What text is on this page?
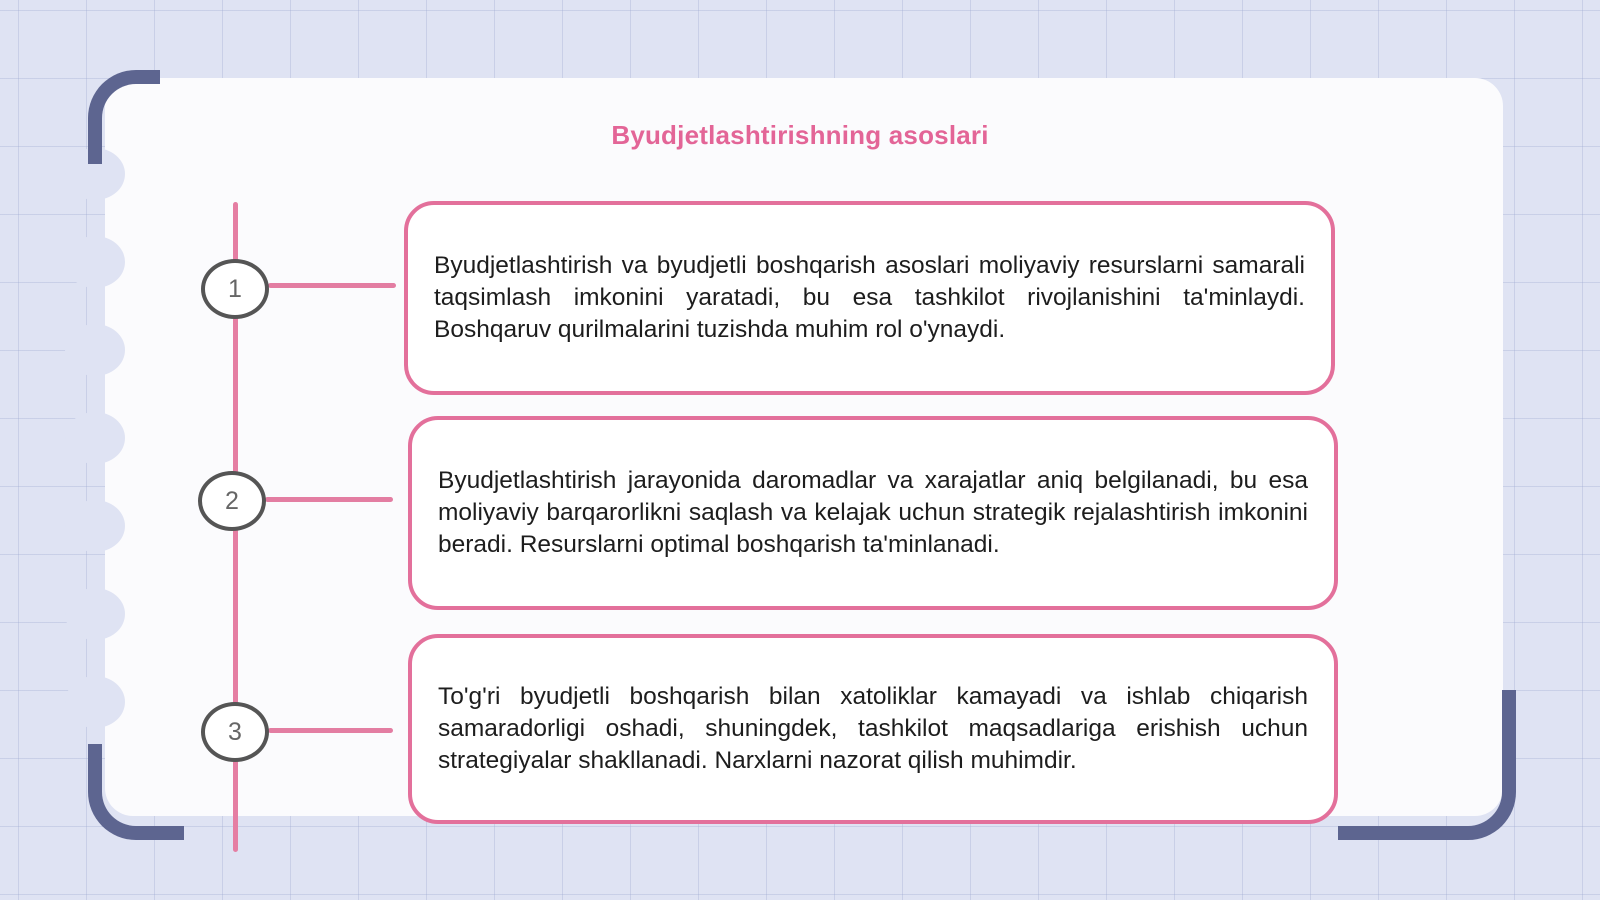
Byudjetlashtirishning asoslari
1

Byudjetlashtirish va byudjetli boshqarish asoslari moliyaviy resurslarni samarali taqsimlash imkonini yaratadi, bu esa tashkilot rivojlanishini ta'minlaydi. Boshqaruv qurilmalarini tuzishda muhim rol o'ynaydi.

2

Byudjetlashtirish jarayonida daromadlar va xarajatlar aniq belgilanadi, bu esa moliyaviy barqarorlikni saqlash va kelajak uchun strategik rejalashtirish imkonini beradi. Resurslarni optimal boshqarish ta'minlanadi.

3

To'g'ri byudjetli boshqarish bilan xatoliklar kamayadi va ishlab chiqarish samaradorligi oshadi, shuningdek, tashkilot maqsadlariga erishish uchun strategiyalar shakllanadi. Narxlarni nazorat qilish muhimdir.
